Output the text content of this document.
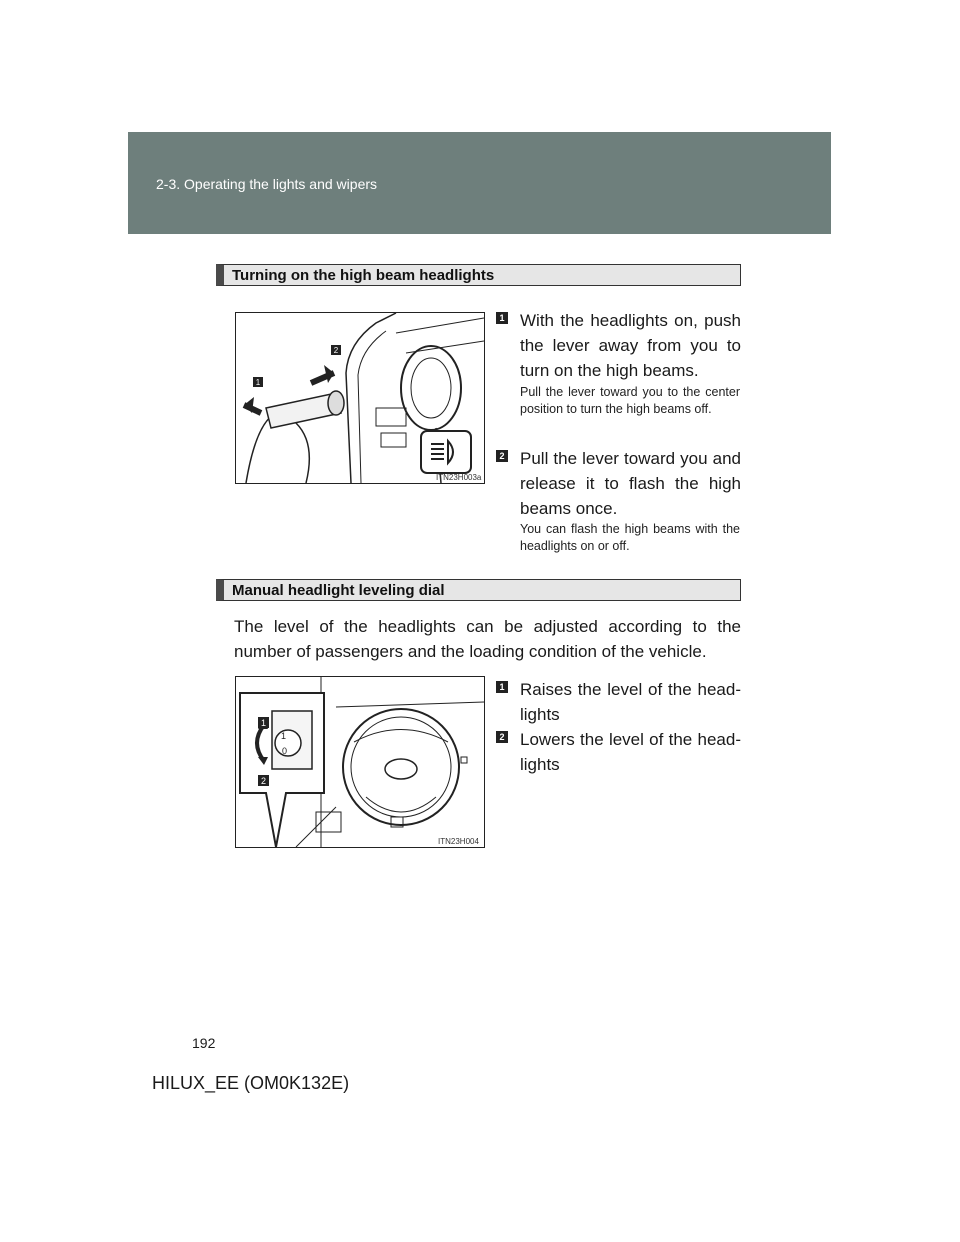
2-3. Operating the lights and wipers
Turning on the high beam headlights
1
2
ITN23H003a
1 With the headlights on, push the lever away from you to turn on the high beams.
Pull the lever toward you to the center position to turn the high beams off.
2 Pull the lever toward you and release it to flash the high beams once.
You can flash the high beams with the headlights on or off.
Manual headlight leveling dial
The level of the headlights can be adjusted according to the number of passengers and the loading condition of the vehicle.
1
0
1
2
ITN23H004
1 Raises the level of the head-lights
2 Lowers the level of the head-lights
192
HILUX_EE (OM0K132E)
